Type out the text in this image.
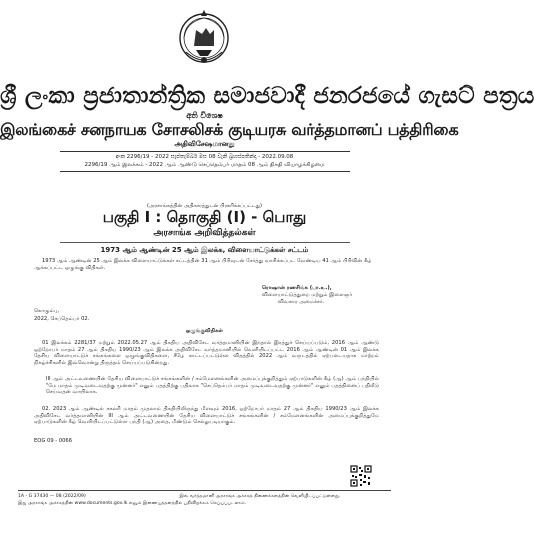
ශ්‍රී ලංකා ප්‍රජාතාන්ත්‍රික සමාජවාදී ජනරජයේ ගැසට් පත්‍රය
අති විශෙෂ
இலங்கைச் சனநாயக சோசலிசக் குடியரசு வர்த்தமானப் பத்திரிகை
அதிவிசேஷமானது
අංක 2296/19 - 2022 සැප්තැම්බර් මස 08 වැනි බ්‍රහස්පතින්දා - 2022.09.08
2296/19 ஆம் இலக்கம் - 2022 ஆம் ஆண்டு செப்தெம்பர் மாதம் 08 ஆம் திகதி வியாழக்கிழமை
(அரசாங்கத்தின் அதிகாரத்துடன் பிரசுரிக்கப்பட்டது)
பகுதி I : தொகுதி (I) - பொது
அரசாங்க அறிவித்தல்கள்
1973 ஆம் ஆண்டின் 25 ஆம் இலக்க, விளையாட்டுக்கள் சட்டம்
1973 ஆம் ஆண்டின் 25 ஆம் இலக்க விளையாட்டுக்கள் சட்டத்தின் 31 ஆம் பிரிவுடன் சேர்த்து வாசிக்கப்பட வேண்டிய 41 ஆம் பிரிவின் கீழ் ஆக்கப்பட்ட ஒழுங்கு விதிகள்.
ரொஷான் ரணசிங்க (பா.உ.),
விளையாட்டுத்துறை மற்றும் இளைஞர்
விவகார அமைச்சர்.
கொழும்பு,
2022, செப்தெம்பர் 02.
ஒழுங்குவிதிகள்
01 இலக்கம் 2281/37 மற்றும் 2022.05.27 ஆம் திகதிய அதிவிசேட வர்த்தமானியின் இந்தால் இரத்துச் செய்யப்படும், 2016 ஆம் ஆண்டு ஒற்றோபர் மாதம் 27 ஆம் திகதிய 1990/23 ஆம் இலக்க அதிவிசேட வர்த்தமானியில் வெளியிடப்பட்ட 2016 ஆம் ஆண்டின் 01 ஆம் இலக்க தேசிய விளையாட்டுச் சங்கங்களை ஒழுங்குவிதிகளை, சீழே காட்டப்பட்டுள்ள விதத்தில் 2022 ஆம் வருடத்தில் ஏற்படையதாக மாற்றம் நிகழ்ச்சிகளில் இவ்வொன்று திருத்தம் செய்யப்படுகின்றது.
III ஆம் அட்டவணையின் தேசிய விளையாட்டுச் சங்கங்களின் / சம்மேளனங்களின் அமைப்புக்குறித்தும் ஏற்பாடுகளின் கீழ் (ஆ) ஆம் பந்தியில் "மே மாதம் முடிவடைவதற்கு முன்னர்" எனும் பதத்திற்கு பதிலாக "செப்தெம்பர் மாதம் முடிவடைவதற்கு முன்னர்" எனும் பதத்தினைப் பதிலீடு செய்வதன் வாயிலாக.
02. 2023 ஆம் ஆண்டில் சகலரி மாதம் முதலாம் திகதியிலிருந்து மீளவும் 2016, ஒற்றோபர் மாதம் 27 ஆம் திகதிய 1990/23 ஆம் இலக்க அதிவிசேட வர்த்தமானியின் III ஆம் அட்டவணையின் தேசிய விளையாட்டுச் சங்கங்களின் / சம்மேளனங்களின் அமைப்புக்குறித்துமே ஏற்பாடுகளின் கீழ் வெளியிடப்பட்டுள்ள பந்தி (ஆ) அதை, மீண்டும் செல்லுபடியாகும்.
EOG 09 - 0066
1A - G 37430 — 08 (2022/09)	இவ் வர்த்தமானி அரசாங்க அச்சகத் திணைக்களத்தின் வெளியிடப்பட்டுள்ளது.
இது அரசாங்க அச்சகத்தின் www.documents.gov.lk எனும் இணையத்தளத்தில் பதிவிறக்கம் செய்யப்படலாம்.
